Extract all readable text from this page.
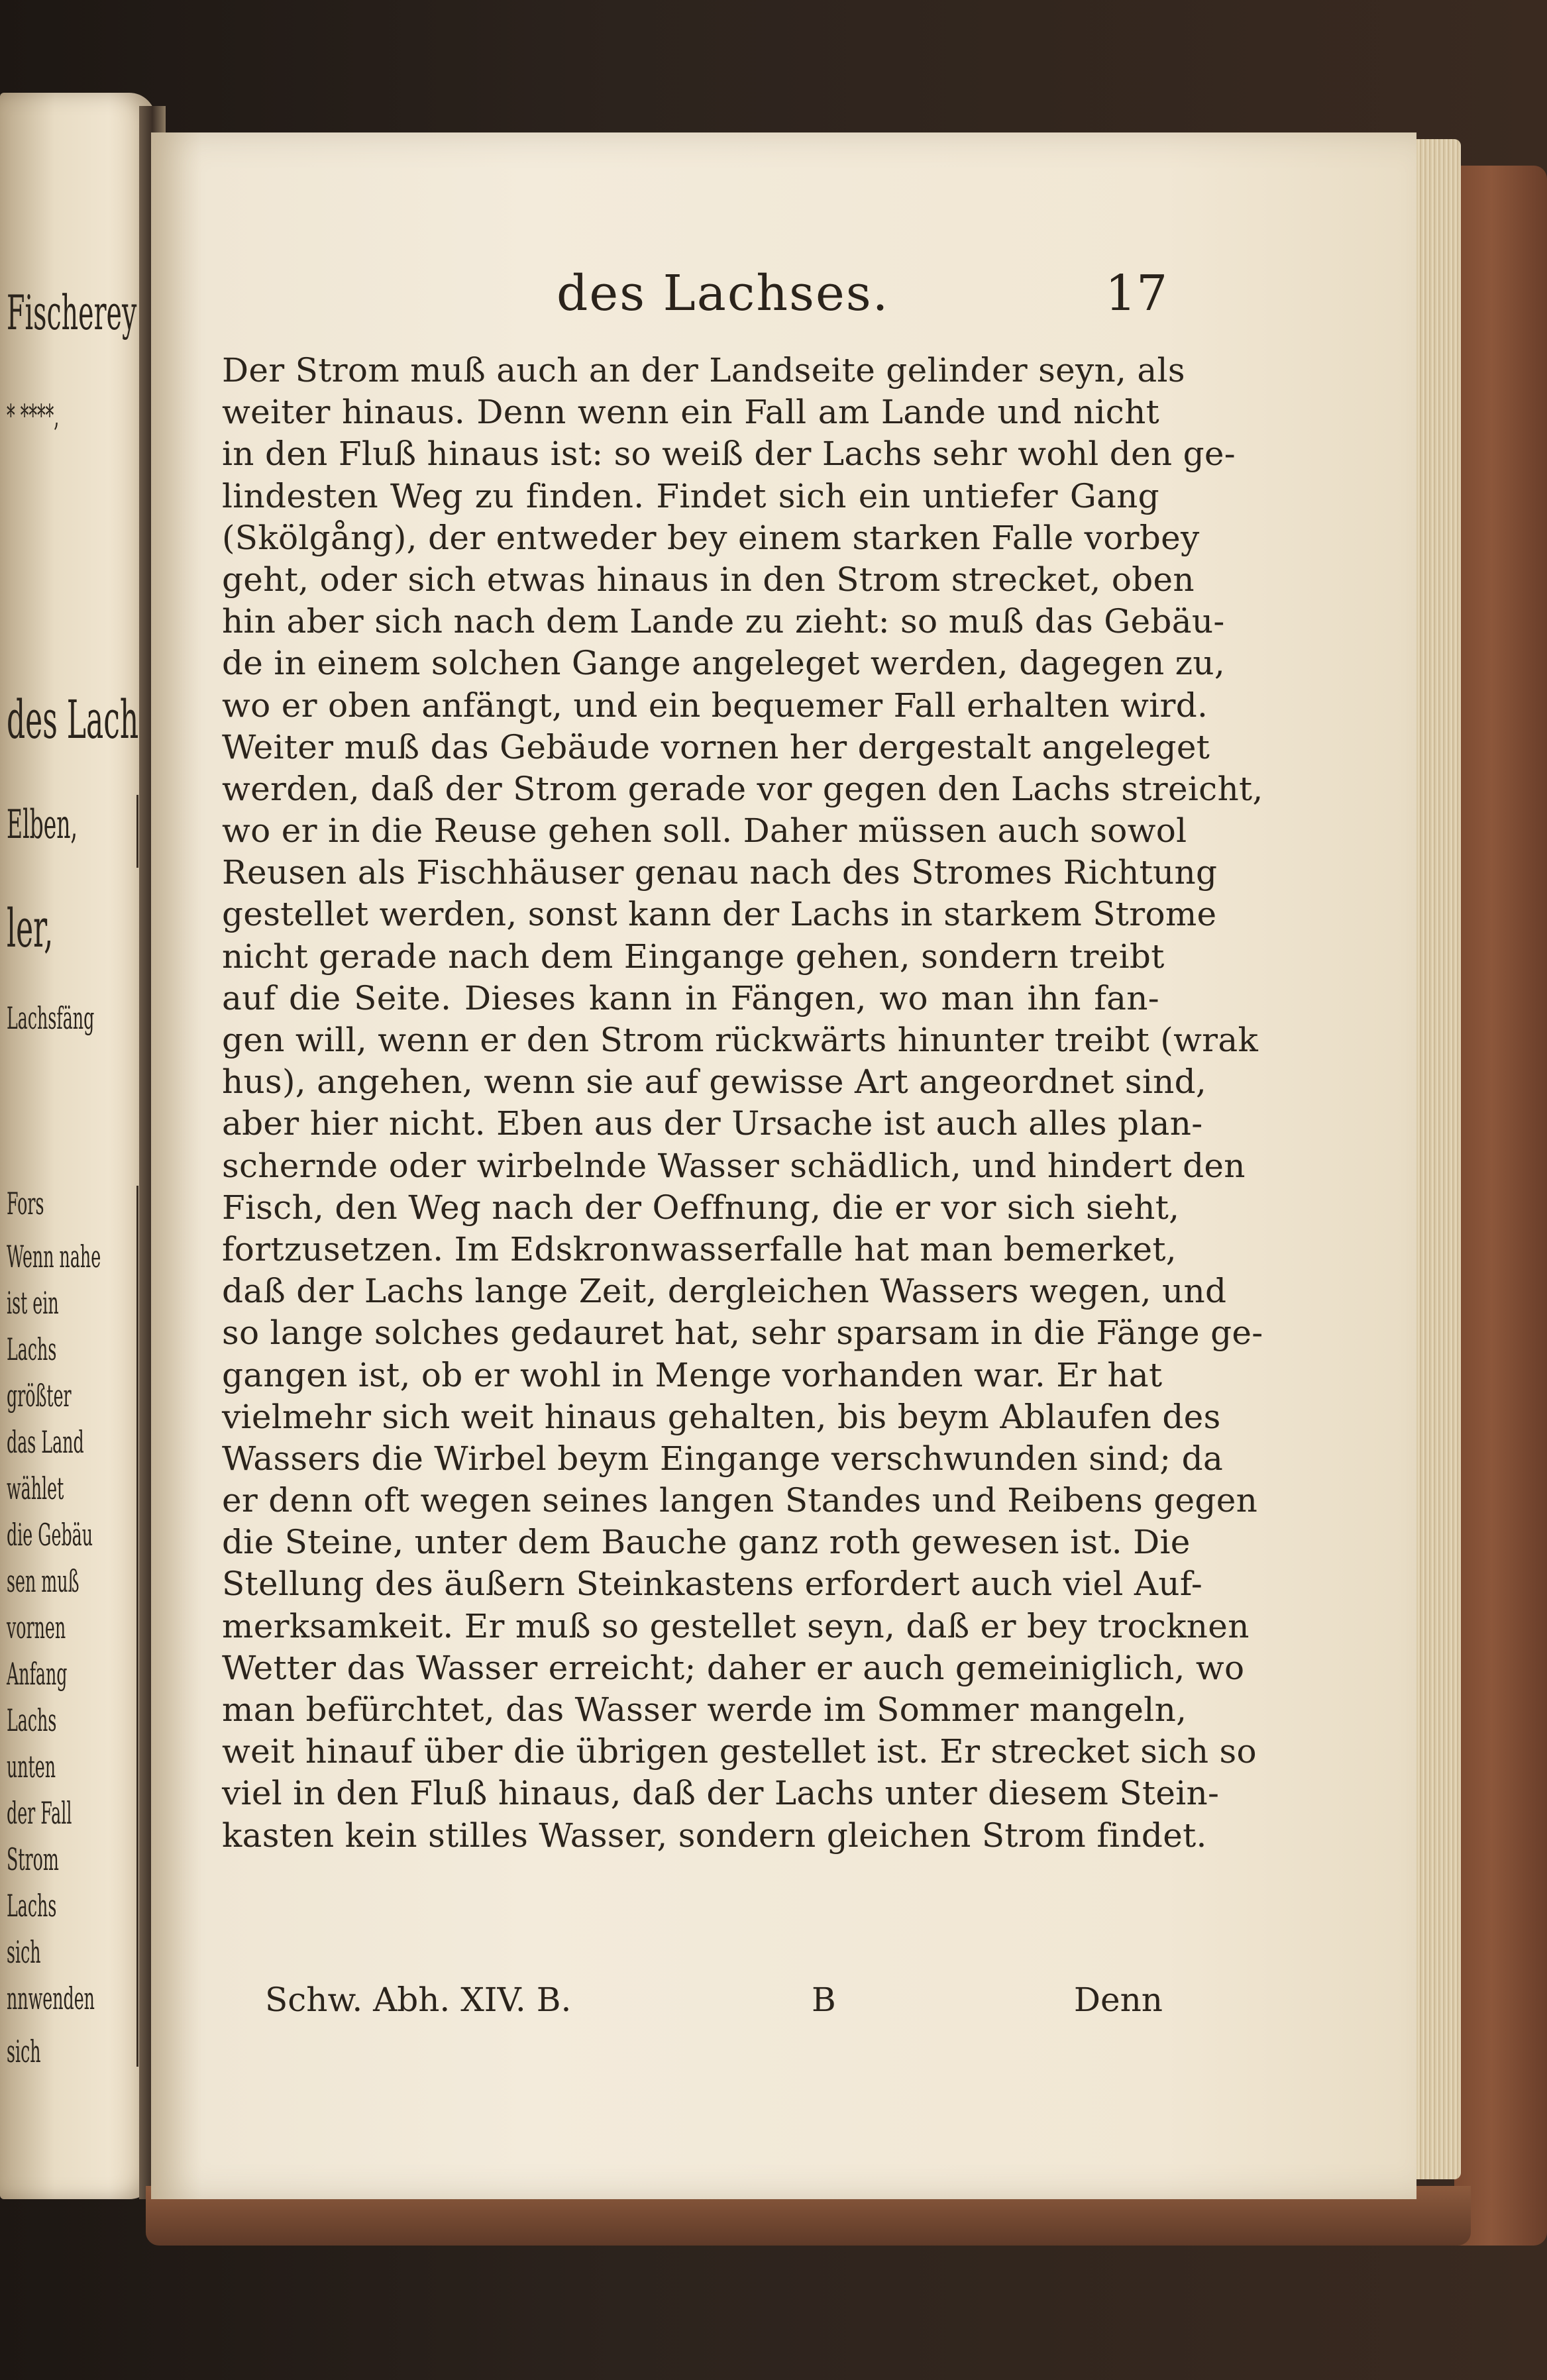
Fischerey
* ****,
des Lach
Elben,
ler,
Lachsfäng
Fors
Wenn nahe
ist ein
Lachs
größter
das Land
wählet
die Gebäu
sen muß
vornen
Anfang
Lachs
unten
der Fall
Strom
Lachs
sich
nnwenden
sich
des Lachses.	17
Der Strom muß auch an der Landseite gelinder seyn, als
weiter hinaus. Denn wenn ein Fall am Lande und nicht
in den Fluß hinaus ist: so weiß der Lachs sehr wohl den ge-
lindesten Weg zu finden. Findet sich ein untiefer Gang
(Skölgång), der entweder bey einem starken Falle vorbey
geht, oder sich etwas hinaus in den Strom strecket, oben
hin aber sich nach dem Lande zu zieht: so muß das Gebäu-
de in einem solchen Gange angeleget werden, dagegen zu,
wo er oben anfängt, und ein bequemer Fall erhalten wird.
Weiter muß das Gebäude vornen her dergestalt angeleget
werden, daß der Strom gerade vor gegen den Lachs streicht,
wo er in die Reuse gehen soll. Daher müssen auch sowol
Reusen als Fischhäuser genau nach des Stromes Richtung
gestellet werden, sonst kann der Lachs in starkem Strome
nicht gerade nach dem Eingange gehen, sondern treibt
auf die Seite. Dieses kann in Fängen, wo man ihn fan-
gen will, wenn er den Strom rückwärts hinunter treibt (wrak
hus), angehen, wenn sie auf gewisse Art angeordnet sind,
aber hier nicht. Eben aus der Ursache ist auch alles plan-
schernde oder wirbelnde Wasser schädlich, und hindert den
Fisch, den Weg nach der Oeffnung, die er vor sich sieht,
fortzusetzen. Im Edskronwasserfalle hat man bemerket,
daß der Lachs lange Zeit, dergleichen Wassers wegen, und
so lange solches gedauret hat, sehr sparsam in die Fänge ge-
gangen ist, ob er wohl in Menge vorhanden war. Er hat
vielmehr sich weit hinaus gehalten, bis beym Ablaufen des
Wassers die Wirbel beym Eingange verschwunden sind; da
er denn oft wegen seines langen Standes und Reibens gegen
die Steine, unter dem Bauche ganz roth gewesen ist. Die
Stellung des äußern Steinkastens erfordert auch viel Auf-
merksamkeit. Er muß so gestellet seyn, daß er bey trocknen
Wetter das Wasser erreicht; daher er auch gemeiniglich, wo
man befürchtet, das Wasser werde im Sommer mangeln,
weit hinauf über die übrigen gestellet ist. Er strecket sich so
viel in den Fluß hinaus, daß der Lachs unter diesem Stein-
kasten kein stilles Wasser, sondern gleichen Strom findet.
Schw. Abh. XIV. B.	B	Denn
